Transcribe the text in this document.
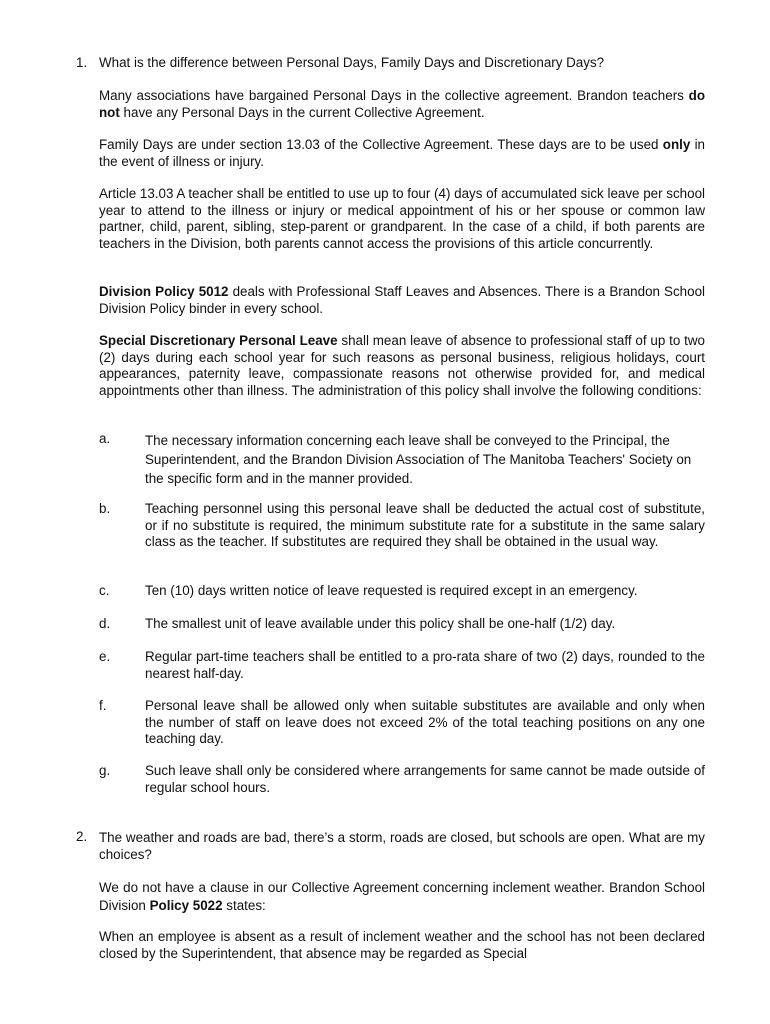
1. What is the difference between Personal Days, Family Days and Discretionary Days?

Many associations have bargained Personal Days in the collective agreement. Brandon teachers do not have any Personal Days in the current Collective Agreement.

Family Days are under section 13.03 of the Collective Agreement. These days are to be used only in the event of illness or injury.

Article 13.03 A teacher shall be entitled to use up to four (4) days of accumulated sick leave per school year to attend to the illness or injury or medical appointment of his or her spouse or common law partner, child, parent, sibling, step-parent or grandparent. In the case of a child, if both parents are teachers in the Division, both parents cannot access the provisions of this article concurrently.

Division Policy 5012 deals with Professional Staff Leaves and Absences. There is a Brandon School Division Policy binder in every school.

Special Discretionary Personal Leave shall mean leave of absence to professional staff of up to two (2) days during each school year for such reasons as personal business, religious holidays, court appearances, paternity leave, compassionate reasons not otherwise provided for, and medical appointments other than illness. The administration of this policy shall involve the following conditions:

a.	The necessary information concerning each leave shall be conveyed to the Principal, the Superintendent, and the Brandon Division Association of The Manitoba Teachers' Society on the specific form and in the manner provided.
b.	Teaching personnel using this personal leave shall be deducted the actual cost of substitute, or if no substitute is required, the minimum substitute rate for a substitute in the same salary class as the teacher. If substitutes are required they shall be obtained in the usual way.
c.	Ten (10) days written notice of leave requested is required except in an emergency.
d.	The smallest unit of leave available under this policy shall be one-half (1/2) day.
e.	Regular part-time teachers shall be entitled to a pro-rata share of two (2) days, rounded to the nearest half-day.
f.	Personal leave shall be allowed only when suitable substitutes are available and only when the number of staff on leave does not exceed 2% of the total teaching positions on any one teaching day.
g.	Such leave shall only be considered where arrangements for same cannot be made outside of regular school hours.
2. The weather and roads are bad, there’s a storm, roads are closed, but schools are open. What are my choices?

We do not have a clause in our Collective Agreement concerning inclement weather. Brandon School Division Policy 5022 states:

When an employee is absent as a result of inclement weather and the school has not been declared closed by the Superintendent, that absence may be regarded as Special
